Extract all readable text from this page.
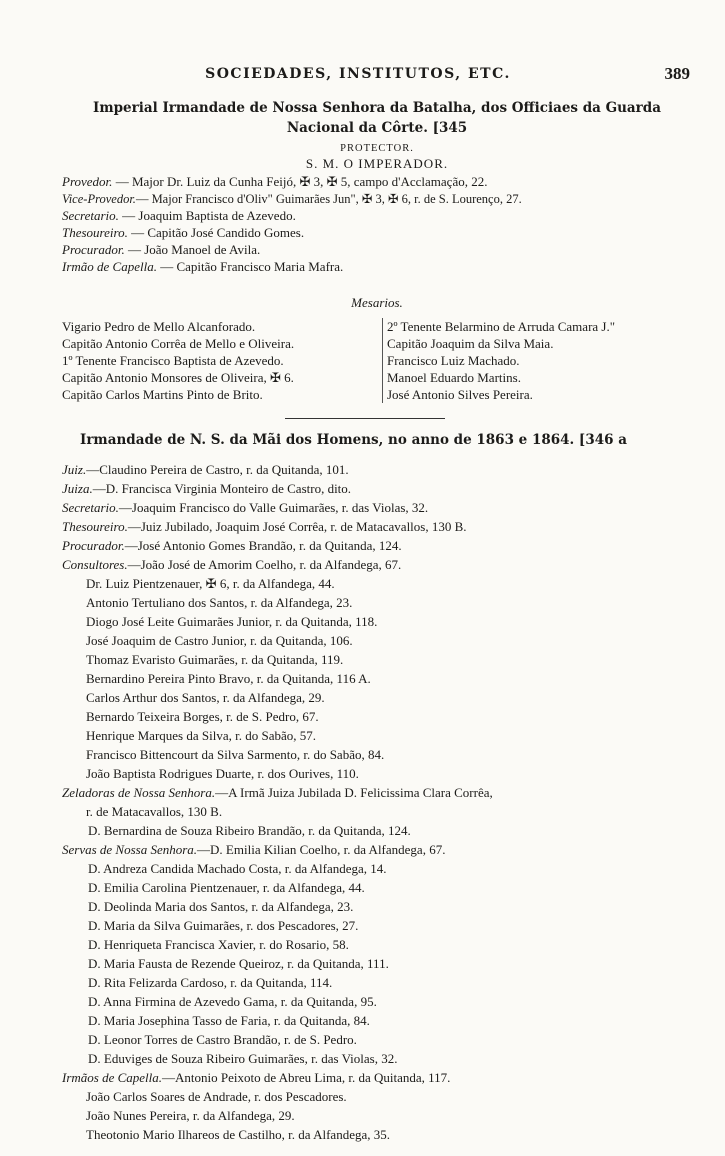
SOCIEDADES, INSTITUTOS, ETC.	389
Imperial Irmandade de Nossa Senhora da Batalha, dos Officiaes da Guarda
Nacional da Côrte. [345
PROTECTOR.
S. M. O IMPERADOR.
Provedor. — Major Dr. Luiz da Cunha Feijó, ✠ 3, ✠ 5, campo d'Acclamação, 22.
Vice-Provedor.— Major Francisco d'Oliv" Guimarães Jun", ✠ 3, ✠ 6, r. de S. Lourenço, 27.
Secretario. — Joaquim Baptista de Azevedo.
Thesoureiro. — Capitão José Candido Gomes.
Procurador. — João Manoel de Avila.
Irmão de Capella. — Capitão Francisco Maria Mafra.
Mesarios.
Vigario Pedro de Mello Alcanforado.
Capitão Antonio Corrêa de Mello e Oliveira.
1º Tenente Francisco Baptista de Azevedo.
Capitão Antonio Monsores de Oliveira, ✠ 6.
Capitão Carlos Martins Pinto de Brito.
2º Tenente Belarmino de Arruda Camara J."
Capitão Joaquim da Silva Maia.
Francisco Luiz Machado.
Manoel Eduardo Martins.
José Antonio Silves Pereira.
Irmandade de N. S. da Mãi dos Homens, no anno de 1863 e 1864. [346 a
Juiz.—Claudino Pereira de Castro, r. da Quitanda, 101.
Juiza.—D. Francisca Virginia Monteiro de Castro, dito.
Secretario.—Joaquim Francisco do Valle Guimarães, r. das Violas, 32.
Thesoureiro.—Juiz Jubilado, Joaquim José Corrêa, r. de Matacavallos, 130 B.
Procurador.—José Antonio Gomes Brandão, r. da Quitanda, 124.
Consultores.—João José de Amorim Coelho, r. da Alfandega, 67.
Dr. Luiz Pientzenauer, ✠ 6, r. da Alfandega, 44.
Antonio Tertuliano dos Santos, r. da Alfandega, 23.
Diogo José Leite Guimarães Junior, r. da Quitanda, 118.
José Joaquim de Castro Junior, r. da Quitanda, 106.
Thomaz Evaristo Guimarães, r. da Quitanda, 119.
Bernardino Pereira Pinto Bravo, r. da Quitanda, 116 A.
Carlos Arthur dos Santos, r. da Alfandega, 29.
Bernardo Teixeira Borges, r. de S. Pedro, 67.
Henrique Marques da Silva, r. do Sabão, 57.
Francisco Bittencourt da Silva Sarmento, r. do Sabão, 84.
João Baptista Rodrigues Duarte, r. dos Ourives, 110.
Zeladoras de Nossa Senhora.—A Irmã Juiza Jubilada D. Felicissima Clara Corrêa,
r. de Matacavallos, 130 B.
D. Bernardina de Souza Ribeiro Brandão, r. da Quitanda, 124.
Servas de Nossa Senhora.—D. Emilia Kilian Coelho, r. da Alfandega, 67.
D. Andreza Candida Machado Costa, r. da Alfandega, 14.
D. Emilia Carolina Pientzenauer, r. da Alfandega, 44.
D. Deolinda Maria dos Santos, r. da Alfandega, 23.
D. Maria da Silva Guimarães, r. dos Pescadores, 27.
D. Henriqueta Francisca Xavier, r. do Rosario, 58.
D. Maria Fausta de Rezende Queiroz, r. da Quitanda, 111.
D. Rita Felizarda Cardoso, r. da Quitanda, 114.
D. Anna Firmina de Azevedo Gama, r. da Quitanda, 95.
D. Maria Josephina Tasso de Faria, r. da Quitanda, 84.
D. Leonor Torres de Castro Brandão, r. de S. Pedro.
D. Eduviges de Souza Ribeiro Guimarães, r. das Violas, 32.
Irmãos de Capella.—Antonio Peixoto de Abreu Lima, r. da Quitanda, 117.
João Carlos Soares de Andrade, r. dos Pescadores.
João Nunes Pereira, r. da Alfandega, 29.
Theotonio Mario Ilhareos de Castilho, r. da Alfandega, 35.
